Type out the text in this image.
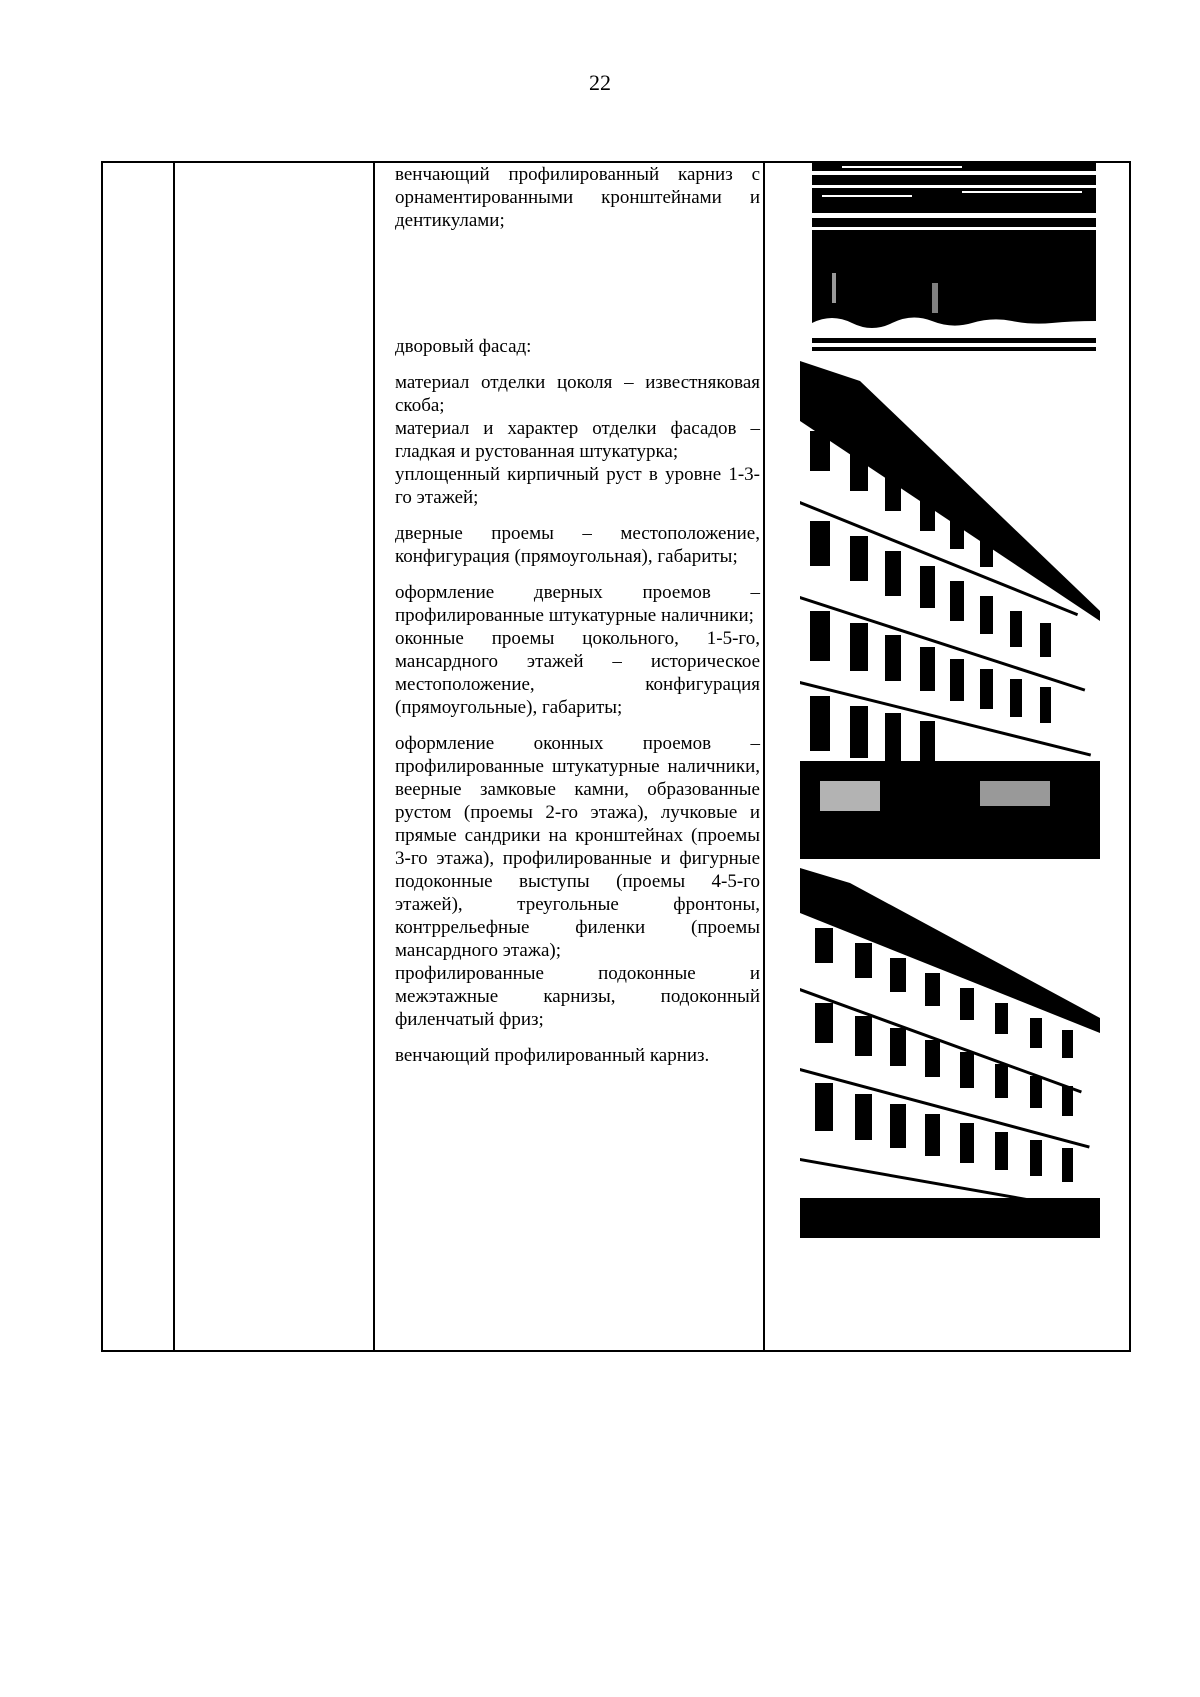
22

венчающий профилированный карниз с орнаментированными кронштейнами и дентикулами;

дворовый фасад:

материал отделки цоколя – известняковая скоба;

материал и характер отделки фасадов – гладкая и рустованная штукатурка;

уплощенный кирпичный руст в уровне 1-3-го этажей;

дверные проемы – местоположение, конфигурация (прямоугольная), габариты;

оформление дверных проемов – профилированные штукатурные наличники;

оконные проемы цокольного, 1-5-го, мансардного этажей – историческое местоположение, конфигурация (прямоугольные), габариты;

оформление оконных проемов – профилированные штукатурные наличники, веерные замковые камни, образованные рустом (проемы 2-го этажа), лучковые и прямые сандрики на кронштейнах (проемы 3-го этажа), профилированные и фигурные подоконные выступы (проемы 4-5-го этажей), треугольные фронтоны, контррельефные филенки (проемы мансардного этажа);

профилированные подоконные и межэтажные карнизы, подоконный филенчатый фриз;

венчающий профилированный карниз.
